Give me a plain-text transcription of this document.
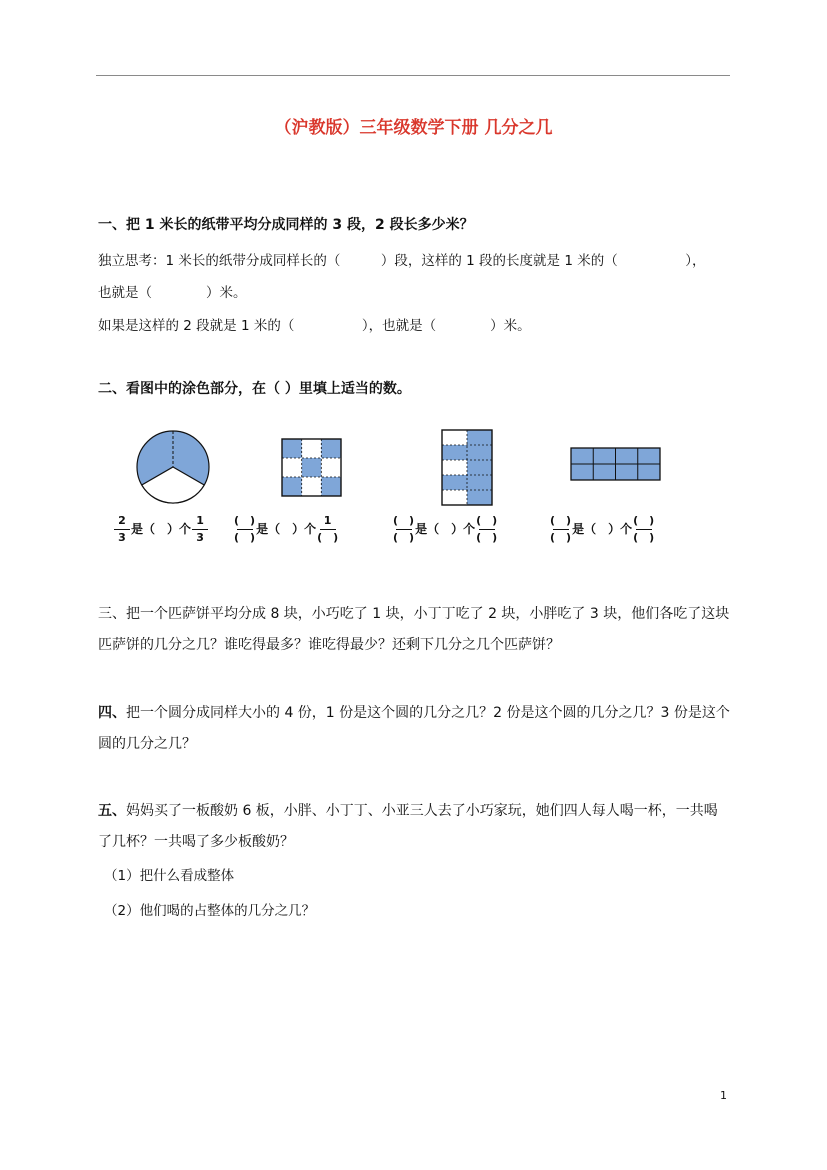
（沪教版）三年级数学下册 几分之几
一、把 1 米长的纸带平均分成同样的 3 段，2 段长多少米？
独立思考：1 米长的纸带分成同样长的（　　　）段，这样的 1 段的长度就是 1 米的（　　　　　），
也就是（　　　　）米。
如果是这样的 2 段就是 1 米的（　　　　　），也就是（　　　　）米。
二、看图中的涂色部分，在（ ）里填上适当的数。
$\frac{2}{3}$ 是（　）个 $\frac{1}{3} \frac{( )}{( )}$ 是（　）个 $\frac{1}{( )}$	$\frac{( )}{( )}$ 是（　）个 $\frac{( )}{( )}$	$\frac{( )}{( )}$ 是（　）个 $\frac{( )}{( )}$
三、把一个匹萨饼平均分成 8 块，小巧吃了 1 块，小丁丁吃了 2 块，小胖吃了 3 块，他们各吃了这块匹萨饼的几分之几？谁吃得最多？谁吃得最少？还剩下几分之几个匹萨饼？
四、把一个圆分成同样大小的 4 份，1 份是这个圆的几分之几？2 份是这个圆的几分之几？3 份是这个圆的几分之几？
五、妈妈买了一板酸奶 6 板，小胖、小丁丁、小亚三人去了小巧家玩，她们四人每人喝一杯，一共喝了几杯？一共喝了多少板酸奶？
（1）把什么看成整体
（2）他们喝的占整体的几分之几？
1
